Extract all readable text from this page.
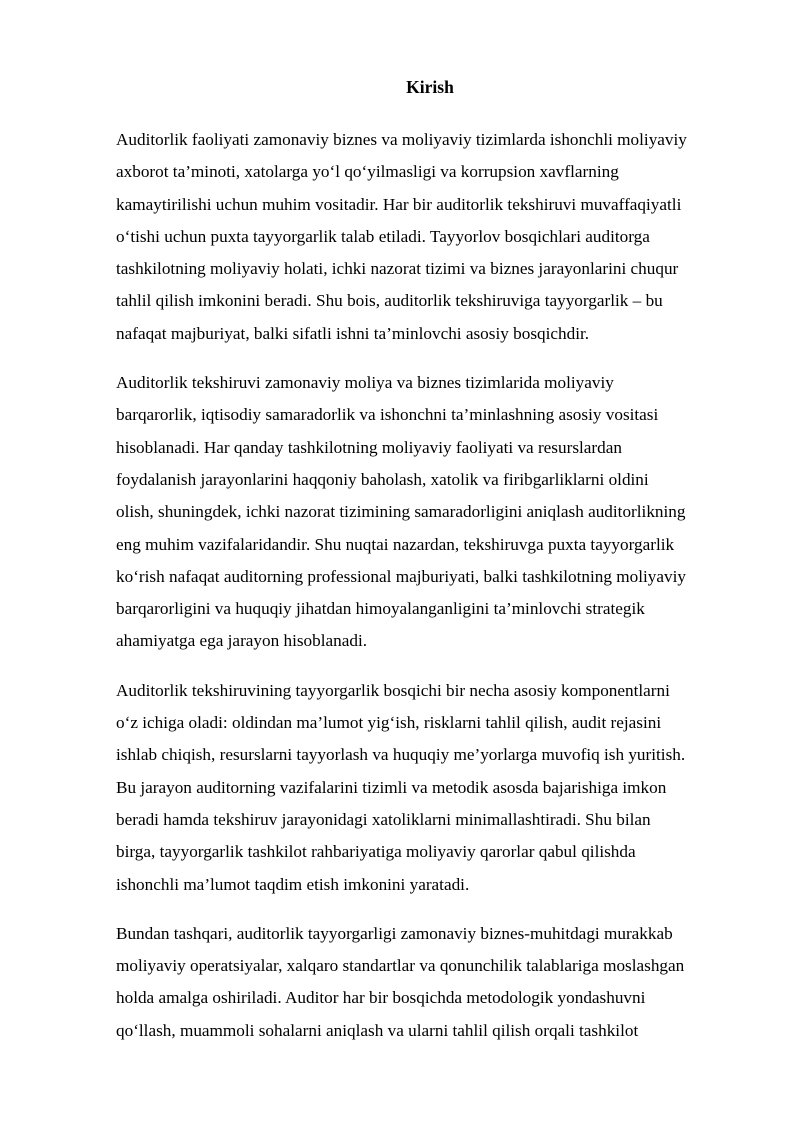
Kirish
Auditorlik faoliyati zamonaviy biznes va moliyaviy tizimlarda ishonchli moliyaviy
axborot ta’minoti, xatolarga yo‘l qo‘yilmasligi va korrupsion xavflarning
kamaytirilishi uchun muhim vositadir. Har bir auditorlik tekshiruvi muvaffaqiyatli
o‘tishi uchun puxta tayyorgarlik talab etiladi. Tayyorlov bosqichlari auditorga
tashkilotning moliyaviy holati, ichki nazorat tizimi va biznes jarayonlarini chuqur
tahlil qilish imkonini beradi. Shu bois, auditorlik tekshiruviga tayyorgarlik – bu
nafaqat majburiyat, balki sifatli ishni ta’minlovchi asosiy bosqichdir.
Auditorlik tekshiruvi zamonaviy moliya va biznes tizimlarida moliyaviy
barqarorlik, iqtisodiy samaradorlik va ishonchni ta’minlashning asosiy vositasi
hisoblanadi. Har qanday tashkilotning moliyaviy faoliyati va resurslardan
foydalanish jarayonlarini haqqoniy baholash, xatolik va firibgarliklarni oldini
olish, shuningdek, ichki nazorat tizimining samaradorligini aniqlash auditorlikning
eng muhim vazifalaridandir. Shu nuqtai nazardan, tekshiruvga puxta tayyorgarlik
ko‘rish nafaqat auditorning professional majburiyati, balki tashkilotning moliyaviy
barqarorligini va huquqiy jihatdan himoyalanganligini ta’minlovchi strategik
ahamiyatga ega jarayon hisoblanadi.
Auditorlik tekshiruvining tayyorgarlik bosqichi bir necha asosiy komponentlarni
o‘z ichiga oladi: oldindan ma’lumot yig‘ish, risklarni tahlil qilish, audit rejasini
ishlab chiqish, resurslarni tayyorlash va huquqiy me’yorlarga muvofiq ish yuritish.
Bu jarayon auditorning vazifalarini tizimli va metodik asosda bajarishiga imkon
beradi hamda tekshiruv jarayonidagi xatoliklarni minimallashtiradi. Shu bilan
birga, tayyorgarlik tashkilot rahbariyatiga moliyaviy qarorlar qabul qilishda
ishonchli ma’lumot taqdim etish imkonini yaratadi.
Bundan tashqari, auditorlik tayyorgarligi zamonaviy biznes-muhitdagi murakkab
moliyaviy operatsiyalar, xalqaro standartlar va qonunchilik talablariga moslashgan
holda amalga oshiriladi. Auditor har bir bosqichda metodologik yondashuvni
qo‘llash, muammoli sohalarni aniqlash va ularni tahlil qilish orqali tashkilot
